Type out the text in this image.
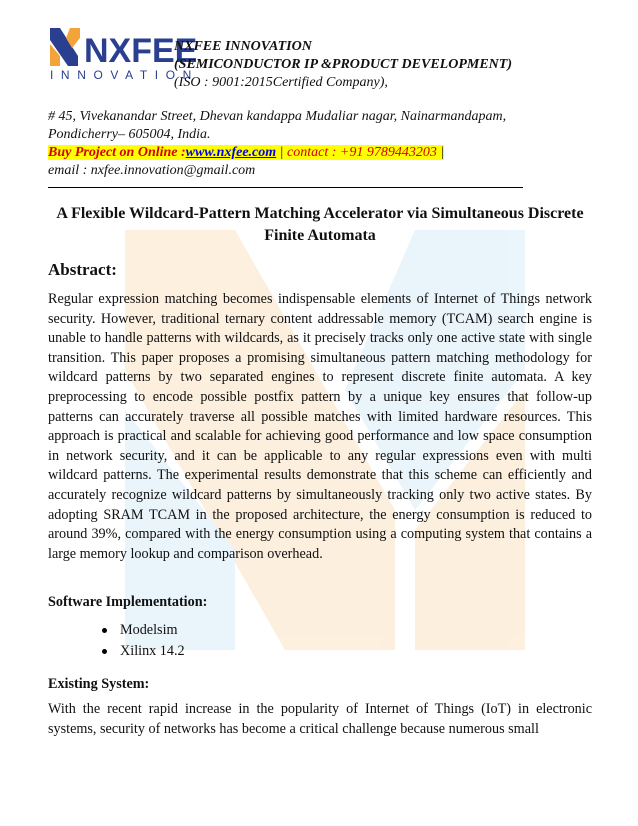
NXFEE
INNOVATION
NXFEE INNOVATION
(SEMICONDUCTOR IP &PRODUCT DEVELOPMENT)
(ISO : 9001:2015Certified Company),
# 45, Vivekanandar Street, Dhevan kandappa Mudaliar nagar, Nainarmandapam,
Pondicherry– 605004, India.
Buy Project on Online :www.nxfee.com | contact : +91 9789443203 |
email : nxfee.innovation@gmail.com
A Flexible Wildcard-Pattern Matching Accelerator via Simultaneous Discrete Finite Automata
Abstract:
Regular expression matching becomes indispensable elements of Internet of Things network security. However, traditional ternary content addressable memory (TCAM) search engine is unable to handle patterns with wildcards, as it precisely tracks only one active state with single transition. This paper proposes a promising simultaneous pattern matching methodology for wildcard patterns by two separated engines to represent discrete finite automata. A key preprocessing to encode possible postfix pattern by a unique key ensures that follow-up patterns can accurately traverse all possible matches with limited hardware resources. This approach is practical and scalable for achieving good performance and low space consumption in network security, and it can be applicable to any regular expressions even with multi wildcard patterns. The experimental results demonstrate that this scheme can efficiently and accurately recognize wildcard patterns by simultaneously tracking only two active states. By adopting SRAM TCAM in the proposed architecture, the energy consumption is reduced to around 39%, compared with the energy consumption using a computing system that contains a large memory lookup and comparison overhead.
Software Implementation:
Modelsim
Xilinx 14.2
Existing System:
With the recent rapid increase in the popularity of Internet of Things (IoT) in electronic systems, security of networks has become a critical challenge because numerous small
